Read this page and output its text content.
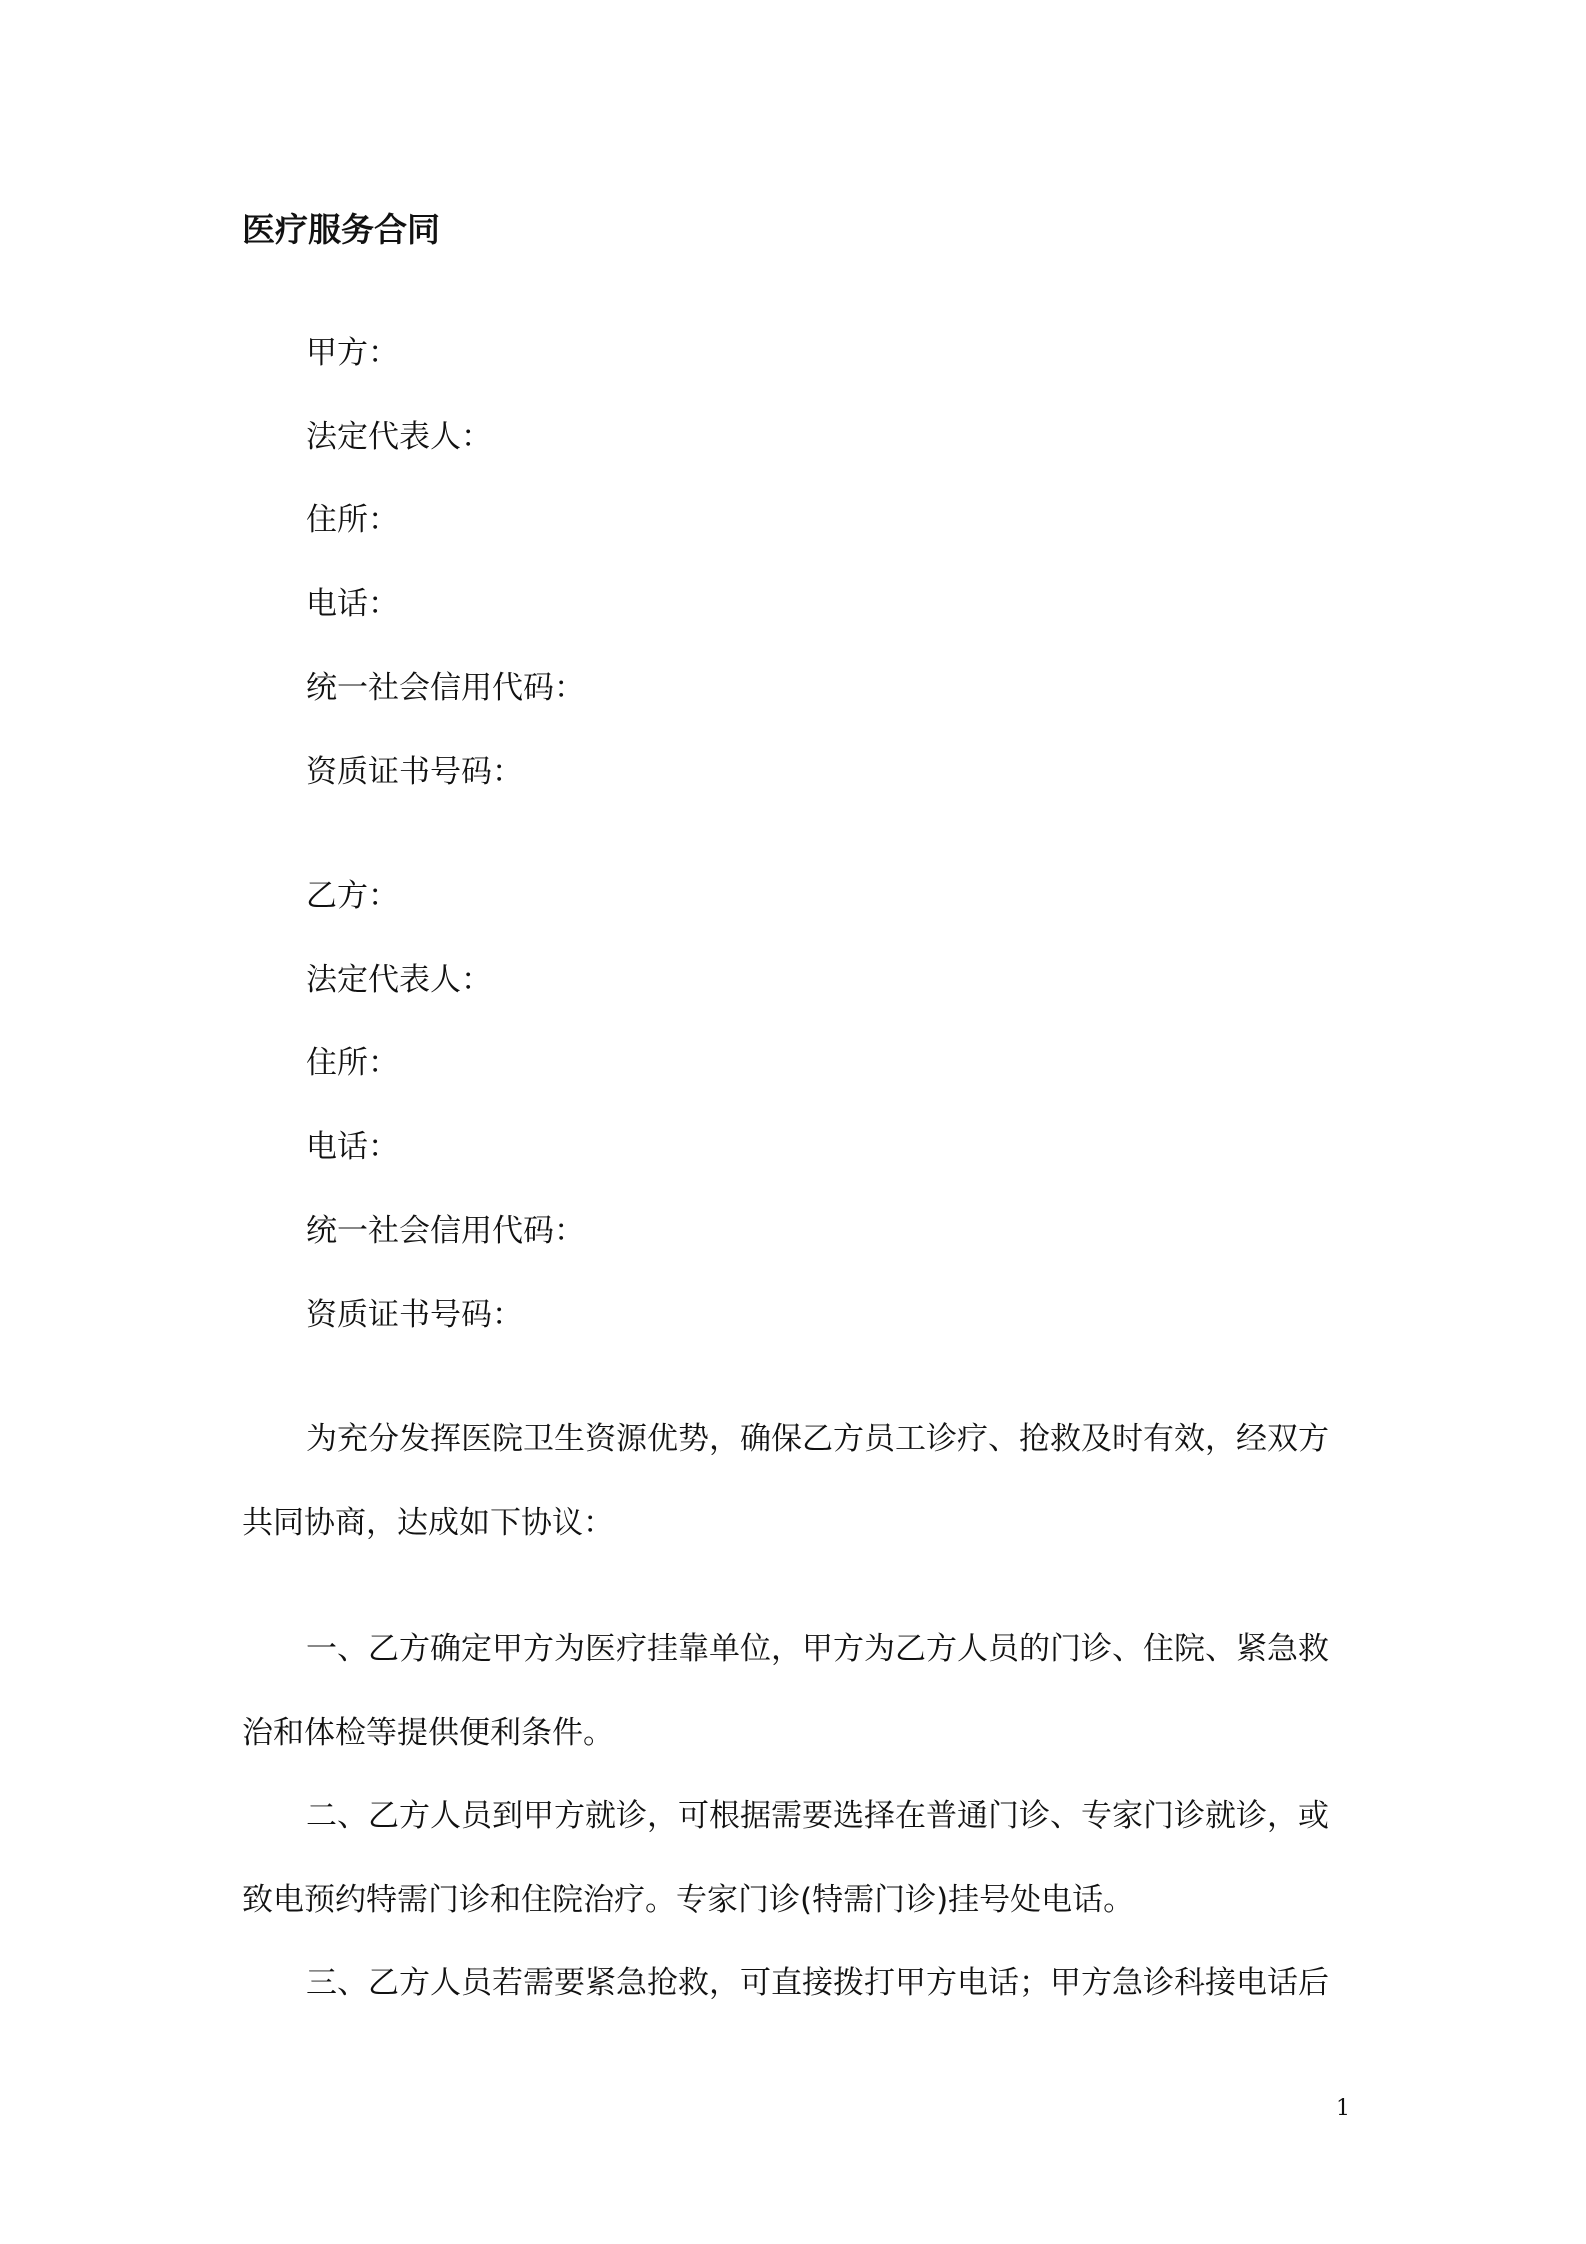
医疗服务合同
甲方：
法定代表人：
住所：
电话：
统一社会信用代码：
资质证书号码：
乙方：
法定代表人：
住所：
电话：
统一社会信用代码：
资质证书号码：
为充分发挥医院卫生资源优势，确保乙方员工诊疗、抢救及时有效，经双方
共同协商，达成如下协议：
一、乙方确定甲方为医疗挂靠单位，甲方为乙方人员的门诊、住院、紧急救
治和体检等提供便利条件。
二、乙方人员到甲方就诊，可根据需要选择在普通门诊、专家门诊就诊，或
致电预约特需门诊和住院治疗。专家门诊(特需门诊)挂号处电话。
三、乙方人员若需要紧急抢救，可直接拨打甲方电话；甲方急诊科接电话后
1
